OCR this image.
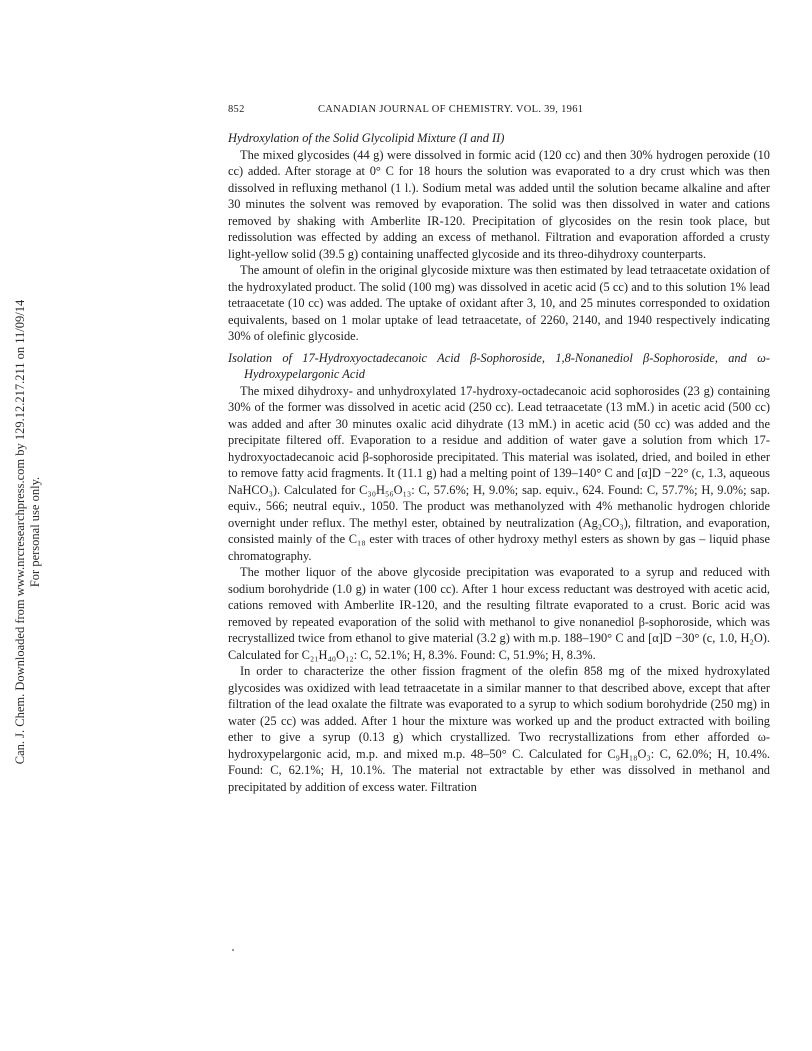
Can. J. Chem. Downloaded from www.nrcresearchpress.com by 129.12.217.211 on 11/09/14 For personal use only.
852	CANADIAN JOURNAL OF CHEMISTRY. VOL. 39, 1961
Hydroxylation of the Solid Glycolipid Mixture (I and II)

The mixed glycosides (44 g) were dissolved in formic acid (120 cc) and then 30% hydrogen peroxide (10 cc) added. After storage at 0° C for 18 hours the solution was evaporated to a dry crust which was then dissolved in refluxing methanol (1 l.). Sodium metal was added until the solution became alkaline and after 30 minutes the solvent was removed by evaporation. The solid was then dissolved in water and cations removed by shaking with Amberlite IR-120. Precipitation of glycosides on the resin took place, but redissolution was effected by adding an excess of methanol. Filtration and evaporation afforded a crusty light-yellow solid (39.5 g) containing unaffected glycoside and its threo-dihydroxy counterparts.

The amount of olefin in the original glycoside mixture was then estimated by lead tetraacetate oxidation of the hydroxylated product. The solid (100 mg) was dissolved in acetic acid (5 cc) and to this solution 1% lead tetraacetate (10 cc) was added. The uptake of oxidant after 3, 10, and 25 minutes corresponded to oxidation equivalents, based on 1 molar uptake of lead tetraacetate, of 2260, 2140, and 1940 respectively indicating 30% of olefinic glycoside.

Isolation of 17-Hydroxyoctadecanoic Acid β-Sophoroside, 1,8-Nonanediol β-Sophoroside, and ω-Hydroxypelargonic Acid

The mixed dihydroxy- and unhydroxylated 17-hydroxy-octadecanoic acid sophorosides (23 g) containing 30% of the former was dissolved in acetic acid (250 cc). Lead tetraacetate (13 mM.) in acetic acid (500 cc) was added and after 30 minutes oxalic acid dihydrate (13 mM.) in acetic acid (50 cc) was added and the precipitate filtered off. Evaporation to a residue and addition of water gave a solution from which 17-hydroxyoctadecanoic acid β-sophoroside precipitated. This material was isolated, dried, and boiled in ether to remove fatty acid fragments. It (11.1 g) had a melting point of 139–140° C and [α]D −22° (c, 1.3, aqueous NaHCO₃). Calculated for C₃₀H₅₆O₁₃: C, 57.6%; H, 9.0%; sap. equiv., 624. Found: C, 57.7%; H, 9.0%; sap. equiv., 566; neutral equiv., 1050. The product was methanolyzed with 4% methanolic hydrogen chloride overnight under reflux. The methyl ester, obtained by neutralization (Ag₂CO₃), filtration, and evaporation, consisted mainly of the C₁₈ ester with traces of other hydroxy methyl esters as shown by gas – liquid phase chromatography.

The mother liquor of the above glycoside precipitation was evaporated to a syrup and reduced with sodium borohydride (1.0 g) in water (100 cc). After 1 hour excess reductant was destroyed with acetic acid, cations removed with Amberlite IR-120, and the resulting filtrate evaporated to a crust. Boric acid was removed by repeated evaporation of the solid with methanol to give nonanediol β-sophoroside, which was recrystallized twice from ethanol to give material (3.2 g) with m.p. 188–190° C and [α]D −30° (c, 1.0, H₂O). Calculated for C₂₁H₄₀O₁₂: C, 52.1%; H, 8.3%. Found: C, 51.9%; H, 8.3%.

In order to characterize the other fission fragment of the olefin 858 mg of the mixed hydroxylated glycosides was oxidized with lead tetraacetate in a similar manner to that described above, except that after filtration of the lead oxalate the filtrate was evaporated to a syrup to which sodium borohydride (250 mg) in water (25 cc) was added. After 1 hour the mixture was worked up and the product extracted with boiling ether to give a syrup (0.13 g) which crystallized. Two recrystallizations from ether afforded ω-hydroxypelargonic acid, m.p. and mixed m.p. 48–50° C. Calculated for C₉H₁₈O₃: C, 62.0%; H, 10.4%. Found: C, 62.1%; H, 10.1%. The material not extractable by ether was dissolved in methanol and precipitated by addition of excess water. Filtration
